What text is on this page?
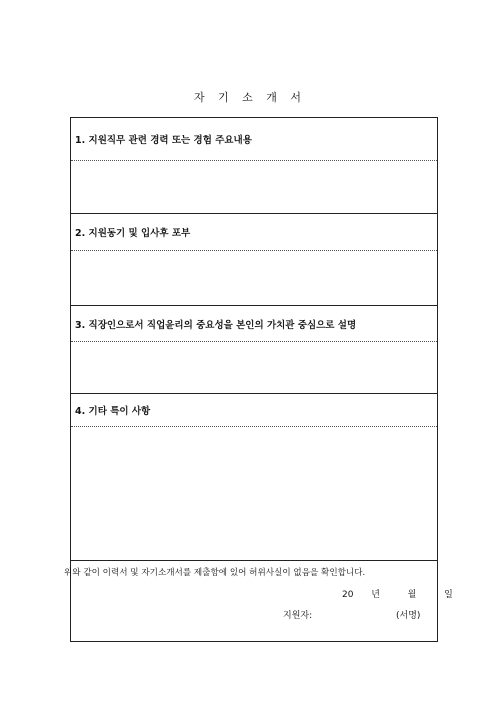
자 기 소 개 서
1. 지원직무 관련 경력 또는 경험 주요내용
2. 지원동기 및 입사후 포부
3. 직장인으로서 직업윤리의 중요성을 본인의 가치관 중심으로 설명
4. 기타 특이 사항
위와 같이 이력서 및 자기소개서를 제출함에 있어 허위사실이 없음을 확인합니다.
20 년	월	일
지원자:	(서명)
